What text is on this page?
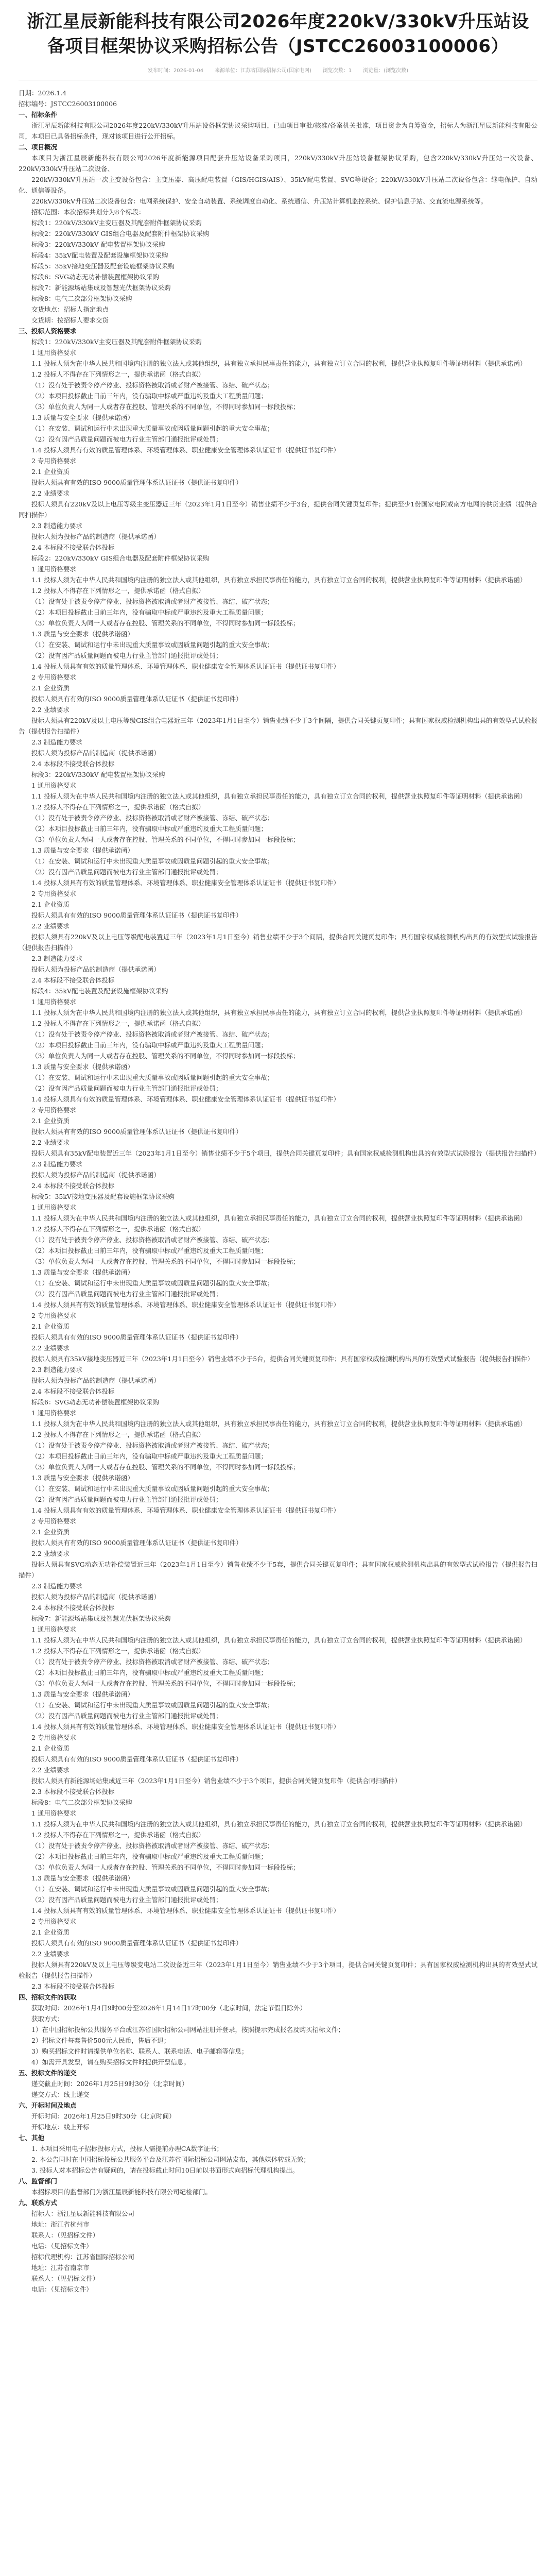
浙江星辰新能科技有限公司2026年度220kV/330kV升压站设备项目框架协议采购招标公告（JSTCC26003100006）
发布时间：2026-01-04 来源单位：江苏省国际招标公司(国家电网) 浏览次数：1 浏览量：(浏览次数)

日期：2026.1.4

招标编号：JSTCC26003100006

一、招标条件

浙江星辰新能科技有限公司2026年度220kV/330kV升压站设备框架协议采购项目，已由项目审批/核准/备案机关批准，项目资金为自筹资金，招标人为浙江星辰新能科技有限公司，本项目已具备招标条件，现对该项目进行公开招标。

二、项目概况

本项目为浙江星辰新能科技有限公司2026年度新能源项目配套升压站设备采购项目，220kV/330kV升压站设备框架协议采购，包含220kV/330kV升压站一次设备、220kV/330kV升压站二次设备、

220kV/330kV升压站一次主变设备包含：主变压器、高压配电装置（GIS/HGIS/AIS）、35kV配电装置、SVG等设备；220kV/330kV升压站二次设备包含：继电保护、自动化、通信等设备。

220kV/330kV升压站二次设备包含：电网系统保护、安全自动装置、系统调度自动化、系统通信、升压站计算机监控系统、保护信息子站、交直流电源系统等。

招标范围：本次招标共划分为8个标段：

标段1：220kV/330kV主变压器及其配套附件框架协议采购

标段2：220kV/330kV GIS组合电器及配套附件框架协议采购

标段3：220kV/330kV 配电装置框架协议采购

标段4：35kV配电装置及配套设施框架协议采购

标段5：35kV接地变压器及配套设施框架协议采购

标段6：SVG动态无功补偿装置框架协议采购

标段7：新能源场站集成及智慧光伏框架协议采购

标段8：电气二次部分框架协议采购

交货地点：招标人指定地点

交货期：按招标人要求交货

三、投标人资格要求

标段1：220kV/330kV主变压器及其配套附件框架协议采购

1 通用资格要求

1.1 投标人须为在中华人民共和国境内注册的独立法人或其他组织，具有独立承担民事责任的能力，具有独立订立合同的权利，提供营业执照复印件等证明材料（提供承诺函）

1.2 投标人不得存在下列情形之一，提供承诺函（格式自拟）

（1）没有处于被责令停产停业、投标资格被取消或者财产被接管、冻结、破产状态；

（2）本项目投标截止日前三年内，没有骗取中标或严重违约及重大工程质量问题；

（3）单位负责人为同一人或者存在控股、管理关系的不同单位，不得同时参加同一标段投标；

1.3 质量与安全要求（提供承诺函）

（1）在安装、调试和运行中未出现重大质量事故或因质量问题引起的重大安全事故；

（2）没有因产品质量问题而被电力行业主管部门通报批评或处罚；

1.4 投标人须具有有效的质量管理体系、环境管理体系、职业健康安全管理体系认证证书（提供证书复印件）

2 专用资格要求

2.1 企业资质

投标人须具有有效的ISO 9000质量管理体系认证证书（提供证书复印件）

2.2 业绩要求

投标人须具有220kV及以上电压等级主变压器近三年（2023年1月1日至今）销售业绩不少于3台，提供合同关键页复印件；提供至少1份国家电网或南方电网的供货业绩（提供合同扫描件）

2.3 制造能力要求

投标人须为投标产品的制造商（提供承诺函）

2.4 本标段不接受联合体投标

标段2：220kV/330kV GIS组合电器及配套附件框架协议采购

1 通用资格要求

1.1 投标人须为在中华人民共和国境内注册的独立法人或其他组织，具有独立承担民事责任的能力，具有独立订立合同的权利，提供营业执照复印件等证明材料（提供承诺函）

1.2 投标人不得存在下列情形之一，提供承诺函（格式自拟）

（1）没有处于被责令停产停业、投标资格被取消或者财产被接管、冻结、破产状态；

（2）本项目投标截止日前三年内，没有骗取中标或严重违约及重大工程质量问题；

（3）单位负责人为同一人或者存在控股、管理关系的不同单位，不得同时参加同一标段投标；

1.3 质量与安全要求（提供承诺函）

（1）在安装、调试和运行中未出现重大质量事故或因质量问题引起的重大安全事故；

（2）没有因产品质量问题而被电力行业主管部门通报批评或处罚；

1.4 投标人须具有有效的质量管理体系、环境管理体系、职业健康安全管理体系认证证书（提供证书复印件）

2 专用资格要求

2.1 企业资质

投标人须具有有效的ISO 9000质量管理体系认证证书（提供证书复印件）

2.2 业绩要求

投标人须具有220kV及以上电压等级GIS组合电器近三年（2023年1月1日至今）销售业绩不少于3个间隔，提供合同关键页复印件；具有国家权威检测机构出具的有效型式试验报告（提供报告扫描件）

2.3 制造能力要求

投标人须为投标产品的制造商（提供承诺函）

2.4 本标段不接受联合体投标

标段3：220kV/330kV 配电装置框架协议采购

1 通用资格要求

1.1 投标人须为在中华人民共和国境内注册的独立法人或其他组织，具有独立承担民事责任的能力，具有独立订立合同的权利，提供营业执照复印件等证明材料（提供承诺函）

1.2 投标人不得存在下列情形之一，提供承诺函（格式自拟）

（1）没有处于被责令停产停业、投标资格被取消或者财产被接管、冻结、破产状态；

（2）本项目投标截止日前三年内，没有骗取中标或严重违约及重大工程质量问题；

（3）单位负责人为同一人或者存在控股、管理关系的不同单位，不得同时参加同一标段投标；

1.3 质量与安全要求（提供承诺函）

（1）在安装、调试和运行中未出现重大质量事故或因质量问题引起的重大安全事故；

（2）没有因产品质量问题而被电力行业主管部门通报批评或处罚；

1.4 投标人须具有有效的质量管理体系、环境管理体系、职业健康安全管理体系认证证书（提供证书复印件）

2 专用资格要求

2.1 企业资质

投标人须具有有效的ISO 9000质量管理体系认证证书（提供证书复印件）

2.2 业绩要求

投标人须具有220kV及以上电压等级配电装置近三年（2023年1月1日至今）销售业绩不少于3个间隔，提供合同关键页复印件；具有国家权威检测机构出具的有效型式试验报告（提供报告扫描件）

2.3 制造能力要求

投标人须为投标产品的制造商（提供承诺函）

2.4 本标段不接受联合体投标

标段4：35kV配电装置及配套设施框架协议采购

1 通用资格要求

1.1 投标人须为在中华人民共和国境内注册的独立法人或其他组织，具有独立承担民事责任的能力，具有独立订立合同的权利，提供营业执照复印件等证明材料（提供承诺函）

1.2 投标人不得存在下列情形之一，提供承诺函（格式自拟）

（1）没有处于被责令停产停业、投标资格被取消或者财产被接管、冻结、破产状态；

（2）本项目投标截止日前三年内，没有骗取中标或严重违约及重大工程质量问题；

（3）单位负责人为同一人或者存在控股、管理关系的不同单位，不得同时参加同一标段投标；

1.3 质量与安全要求（提供承诺函）

（1）在安装、调试和运行中未出现重大质量事故或因质量问题引起的重大安全事故；

（2）没有因产品质量问题而被电力行业主管部门通报批评或处罚；

1.4 投标人须具有有效的质量管理体系、环境管理体系、职业健康安全管理体系认证证书（提供证书复印件）

2 专用资格要求

2.1 企业资质

投标人须具有有效的ISO 9000质量管理体系认证证书（提供证书复印件）

2.2 业绩要求

投标人须具有35kV配电装置近三年（2023年1月1日至今）销售业绩不少于5个项目，提供合同关键页复印件；具有国家权威检测机构出具的有效型式试验报告（提供报告扫描件）

2.3 制造能力要求

投标人须为投标产品的制造商（提供承诺函）

2.4 本标段不接受联合体投标

标段5：35kV接地变压器及配套设施框架协议采购

1 通用资格要求

1.1 投标人须为在中华人民共和国境内注册的独立法人或其他组织，具有独立承担民事责任的能力，具有独立订立合同的权利，提供营业执照复印件等证明材料（提供承诺函）

1.2 投标人不得存在下列情形之一，提供承诺函（格式自拟）

（1）没有处于被责令停产停业、投标资格被取消或者财产被接管、冻结、破产状态；

（2）本项目投标截止日前三年内，没有骗取中标或严重违约及重大工程质量问题；

（3）单位负责人为同一人或者存在控股、管理关系的不同单位，不得同时参加同一标段投标；

1.3 质量与安全要求（提供承诺函）

（1）在安装、调试和运行中未出现重大质量事故或因质量问题引起的重大安全事故；

（2）没有因产品质量问题而被电力行业主管部门通报批评或处罚；

1.4 投标人须具有有效的质量管理体系、环境管理体系、职业健康安全管理体系认证证书（提供证书复印件）

2 专用资格要求

2.1 企业资质

投标人须具有有效的ISO 9000质量管理体系认证证书（提供证书复印件）

2.2 业绩要求

投标人须具有35kV接地变压器近三年（2023年1月1日至今）销售业绩不少于5台，提供合同关键页复印件；具有国家权威检测机构出具的有效型式试验报告（提供报告扫描件）

2.3 制造能力要求

投标人须为投标产品的制造商（提供承诺函）

2.4 本标段不接受联合体投标

标段6：SVG动态无功补偿装置框架协议采购

1 通用资格要求

1.1 投标人须为在中华人民共和国境内注册的独立法人或其他组织，具有独立承担民事责任的能力，具有独立订立合同的权利，提供营业执照复印件等证明材料（提供承诺函）

1.2 投标人不得存在下列情形之一，提供承诺函（格式自拟）

（1）没有处于被责令停产停业、投标资格被取消或者财产被接管、冻结、破产状态；

（2）本项目投标截止日前三年内，没有骗取中标或严重违约及重大工程质量问题；

（3）单位负责人为同一人或者存在控股、管理关系的不同单位，不得同时参加同一标段投标；

1.3 质量与安全要求（提供承诺函）

（1）在安装、调试和运行中未出现重大质量事故或因质量问题引起的重大安全事故；

（2）没有因产品质量问题而被电力行业主管部门通报批评或处罚；

1.4 投标人须具有有效的质量管理体系、环境管理体系、职业健康安全管理体系认证证书（提供证书复印件）

2 专用资格要求

2.1 企业资质

投标人须具有有效的ISO 9000质量管理体系认证证书（提供证书复印件）

2.2 业绩要求

投标人须具有SVG动态无功补偿装置近三年（2023年1月1日至今）销售业绩不少于5套，提供合同关键页复印件；具有国家权威检测机构出具的有效型式试验报告（提供报告扫描件）

2.3 制造能力要求

投标人须为投标产品的制造商（提供承诺函）

2.4 本标段不接受联合体投标

标段7：新能源场站集成及智慧光伏框架协议采购

1 通用资格要求

1.1 投标人须为在中华人民共和国境内注册的独立法人或其他组织，具有独立承担民事责任的能力，具有独立订立合同的权利，提供营业执照复印件等证明材料（提供承诺函）

1.2 投标人不得存在下列情形之一，提供承诺函（格式自拟）

（1）没有处于被责令停产停业、投标资格被取消或者财产被接管、冻结、破产状态；

（2）本项目投标截止日前三年内，没有骗取中标或严重违约及重大工程质量问题；

（3）单位负责人为同一人或者存在控股、管理关系的不同单位，不得同时参加同一标段投标；

1.3 质量与安全要求（提供承诺函）

（1）在安装、调试和运行中未出现重大质量事故或因质量问题引起的重大安全事故；

（2）没有因产品质量问题而被电力行业主管部门通报批评或处罚；

1.4 投标人须具有有效的质量管理体系、环境管理体系、职业健康安全管理体系认证证书（提供证书复印件）

2 专用资格要求

2.1 企业资质

投标人须具有有效的ISO 9000质量管理体系认证证书（提供证书复印件）

2.2 业绩要求

投标人须具有新能源场站集成近三年（2023年1月1日至今）销售业绩不少于3个项目，提供合同关键页复印件（提供合同扫描件）

2.3 本标段不接受联合体投标

标段8：电气二次部分框架协议采购

1 通用资格要求

1.1 投标人须为在中华人民共和国境内注册的独立法人或其他组织，具有独立承担民事责任的能力，具有独立订立合同的权利，提供营业执照复印件等证明材料（提供承诺函）

1.2 投标人不得存在下列情形之一，提供承诺函（格式自拟）

（1）没有处于被责令停产停业、投标资格被取消或者财产被接管、冻结、破产状态；

（2）本项目投标截止日前三年内，没有骗取中标或严重违约及重大工程质量问题；

（3）单位负责人为同一人或者存在控股、管理关系的不同单位，不得同时参加同一标段投标；

1.3 质量与安全要求（提供承诺函）

（1）在安装、调试和运行中未出现重大质量事故或因质量问题引起的重大安全事故；

（2）没有因产品质量问题而被电力行业主管部门通报批评或处罚；

1.4 投标人须具有有效的质量管理体系、环境管理体系、职业健康安全管理体系认证证书（提供证书复印件）

2 专用资格要求

2.1 企业资质

投标人须具有有效的ISO 9000质量管理体系认证证书（提供证书复印件）

2.2 业绩要求

投标人须具有220kV及以上电压等级变电站二次设备近三年（2023年1月1日至今）销售业绩不少于3个项目，提供合同关键页复印件；具有国家权威检测机构出具的有效型式试验报告（提供报告扫描件）

2.3 本标段不接受联合体投标

四、招标文件的获取

获取时间：2026年1月4日9时00分至2026年1月14日17时00分（北京时间，法定节假日除外）

获取方式：

1）在中国招标投标公共服务平台或江苏省国际招标公司网站注册并登录，按照提示完成报名及购买招标文件；

2）招标文件每套售价500元人民币，售后不退；

3）购买招标文件时请提供单位名称、联系人、联系电话、电子邮箱等信息；

4）如需开具发票，请在购买招标文件时提供开票信息。

五、投标文件的递交

递交截止时间：2026年1月25日9时30分（北京时间）

递交方式：线上递交

六、开标时间及地点

开标时间：2026年1月25日9时30分（北京时间）

开标地点：线上开标

七、其他

1. 本项目采用电子招标投标方式，投标人需提前办理CA数字证书；

2. 本公告同时在中国招标投标公共服务平台及江苏省国际招标公司网站发布，其他媒体转载无效；

3. 投标人对本招标公告有疑问的，请在投标截止时间10日前以书面形式向招标代理机构提出。

八、监督部门

本招标项目的监督部门为浙江星辰新能科技有限公司纪检部门。

九、联系方式

招标人：浙江星辰新能科技有限公司

地址：浙江省杭州市

联系人：（见招标文件）

电话：（见招标文件）

招标代理机构：江苏省国际招标公司

地址：江苏省南京市

联系人：（见招标文件）

电话：（见招标文件）
